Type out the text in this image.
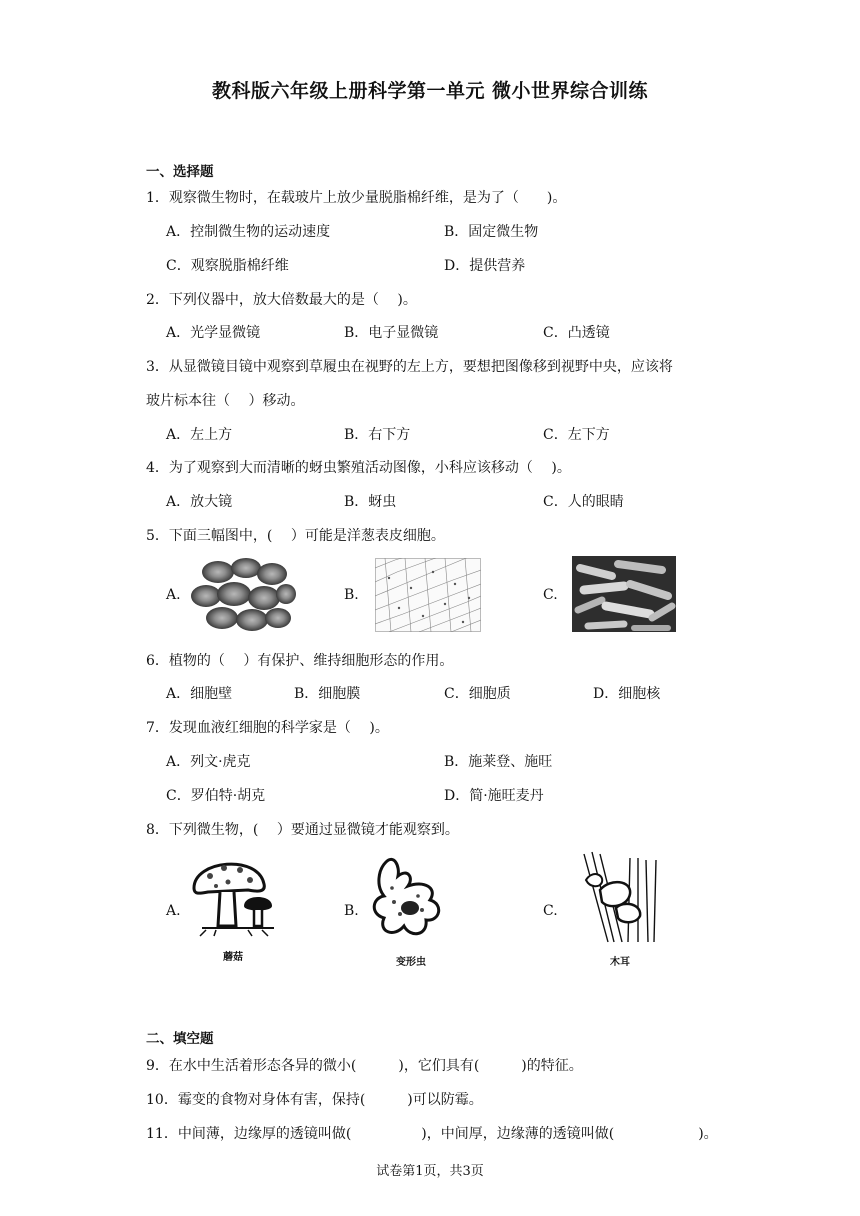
教科版六年级上册科学第一单元 微小世界综合训练
一、选择题
1．观察微生物时，在载玻片上放少量脱脂棉纤维，是为了（　　)。
A．控制微生物的运动速度	B．固定微生物
C．观察脱脂棉纤维	D．提供营养
2．下列仪器中，放大倍数最大的是（　 )。
A．光学显微镜	B．电子显微镜	C．凸透镜
3．从显微镜目镜中观察到草履虫在视野的左上方，要想把图像移到视野中央，应该将
玻片标本往（　 ）移动。
A．左上方	B．右下方	C．左下方
4．为了观察到大而清晰的蚜虫繁殖活动图像，小科应该移动（　 )。
A．放大镜	B．蚜虫	C．人的眼睛
5．下面三幅图中，(　 ）可能是洋葱表皮细胞。
A.	B.	C.
6．植物的（　 ）有保护、维持细胞形态的作用。
A．细胞壁	B．细胞膜	C．细胞质	D．细胞核
7．发现血液红细胞的科学家是（　 )。
A．列文·虎克	B．施莱登、施旺
C．罗伯特·胡克	D．简·施旺麦丹
8．下列微生物，(　 ）要通过显微镜才能观察到。
A.	B.	C.
蘑菇	变形虫	木耳
二、填空题
9．在水中生活着形态各异的微小(　　　)，它们具有(　　　)的特征。
10．霉变的食物对身体有害，保持(　　　)可以防霉。
11．中间薄，边缘厚的透镜叫做(　　　　　)，中间厚，边缘薄的透镜叫做(　　　　　　)。
试卷第1页，共3页
